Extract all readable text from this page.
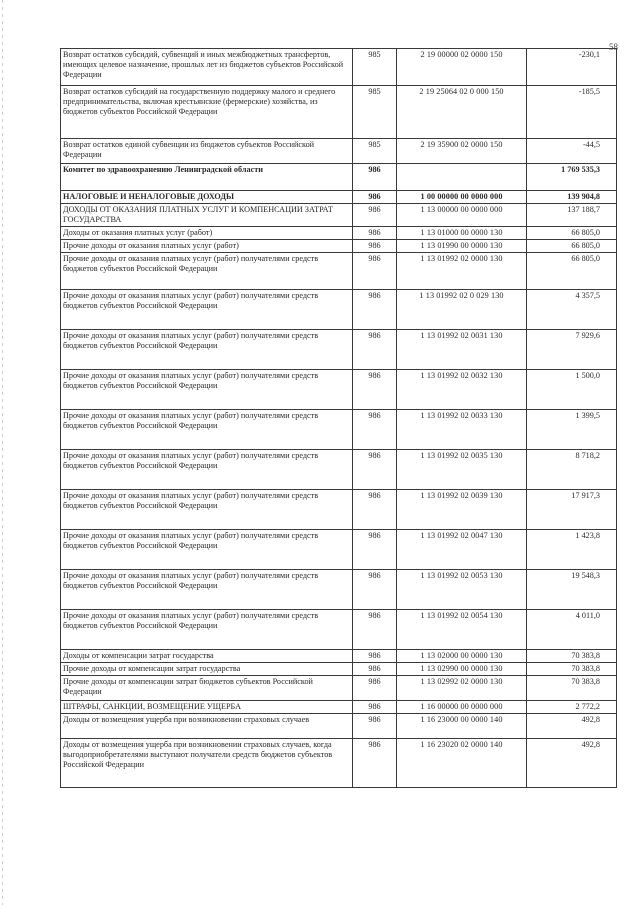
58
Возврат остатков субсидий, субвенций и иных межбюджетных трансфертов, имеющих целевое назначение, прошлых лет из бюджетов субъектов Российской Федерации	985	2 19 00000 02 0000 150	-230,1
Возврат остатков субсидий на государственную поддержку малого и среднего предпринимательства, включая крестьянские (фермерские) хозяйства, из бюджетов субъектов Российской Федерации	985	2 19 25064 02 0 000 150	-185,5
Возврат остатков единой субвенции из бюджетов субъектов Российской Федерации	985	2 19 35900 02 0000 150	-44,5
Комитет по здравоохранению Ленинградской области	986		1 769 535,3
НАЛОГОВЫЕ И НЕНАЛОГОВЫЕ ДОХОДЫ	986	1 00 00000 00 0000 000	139 904,8
ДОХОДЫ ОТ ОКАЗАНИЯ ПЛАТНЫХ УСЛУГ И КОМПЕНСАЦИИ ЗАТРАТ ГОСУДАРСТВА	986	1 13 00000 00 0000 000	137 188,7
Доходы от оказания платных услуг (работ)	986	1 13 01000 00 0000 130	66 805,0
Прочие доходы от оказания платных услуг (работ)	986	1 13 01990 00 0000 130	66 805,0
Прочие доходы от оказания платных услуг (работ) получателями средств бюджетов субъектов Российской Федерации	986	1 13 01992 02 0000 130	66 805,0
Прочие доходы от оказания платных услуг (работ) получателями средств бюджетов субъектов Российской Федерации	986	1 13 01992 02 0 029 130	4 357,5
Прочие доходы от оказания платных услуг (работ) получателями средств бюджетов субъектов Российской Федерации	986	1 13 01992 02 0031 130	7 929,6
Прочие доходы от оказания платных услуг (работ) получателями средств бюджетов субъектов Российской Федерации	986	1 13 01992 02 0032 130	1 500,0
Прочие доходы от оказания платных услуг (работ) получателями средств бюджетов субъектов Российской Федерации	986	1 13 01992 02 0033 130	1 399,5
Прочие доходы от оказания платных услуг (работ) получателями средств бюджетов субъектов Российской Федерации	986	1 13 01992 02 0035 130	8 718,2
Прочие доходы от оказания платных услуг (работ) получателями средств бюджетов субъектов Российской Федерации	986	1 13 01992 02 0039 130	17 917,3
Прочие доходы от оказания платных услуг (работ) получателями средств бюджетов субъектов Российской Федерации	986	1 13 01992 02 0047 130	1 423,8
Прочие доходы от оказания платных услуг (работ) получателями средств бюджетов субъектов Российской Федерации	986	1 13 01992 02 0053 130	19 548,3
Прочие доходы от оказания платных услуг (работ) получателями средств бюджетов субъектов Российской Федерации	986	1 13 01992 02 0054 130	4 011,0
Доходы от компенсации затрат государства	986	1 13 02000 00 0000 130	70 383,8
Прочие доходы от компенсации затрат государства	986	1 13 02990 00 0000 130	70 383,8
Прочие доходы от компенсации затрат бюджетов субъектов Российской Федерации	986	1 13 02992 02 0000 130	70 383,8
ШТРАФЫ, САНКЦИИ, ВОЗМЕЩЕНИЕ УЩЕРБА	986	1 16 00000 00 0000 000	2 772,2
Доходы от возмещения ущерба при возникновении страховых случаев	986	1 16 23000 00 0000 140	492,8
Доходы от возмещения ущерба при возникновении страховых случаев, когда выгодоприобретателями выступают получатели средств бюджетов субъектов Российской Федерации	986	1 16 23020 02 0000 140	492,8
